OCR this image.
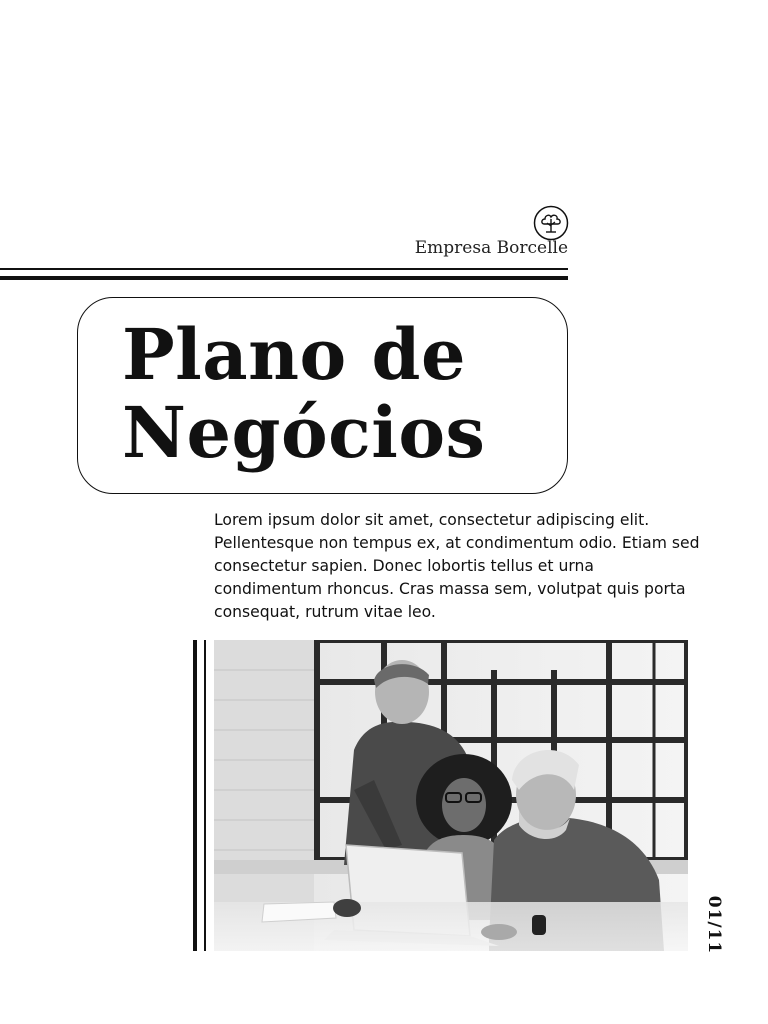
Empresa Borcelle
Plano de
Negócios

Lorem ipsum dolor sit amet, consectetur adipiscing elit. Pellentesque non tempus ex, at condimentum odio. Etiam sed consectetur sapien. Donec lobortis tellus et urna condimentum rhoncus. Cras massa sem, volutpat quis porta consequat, rutrum vitae leo.

01/11
